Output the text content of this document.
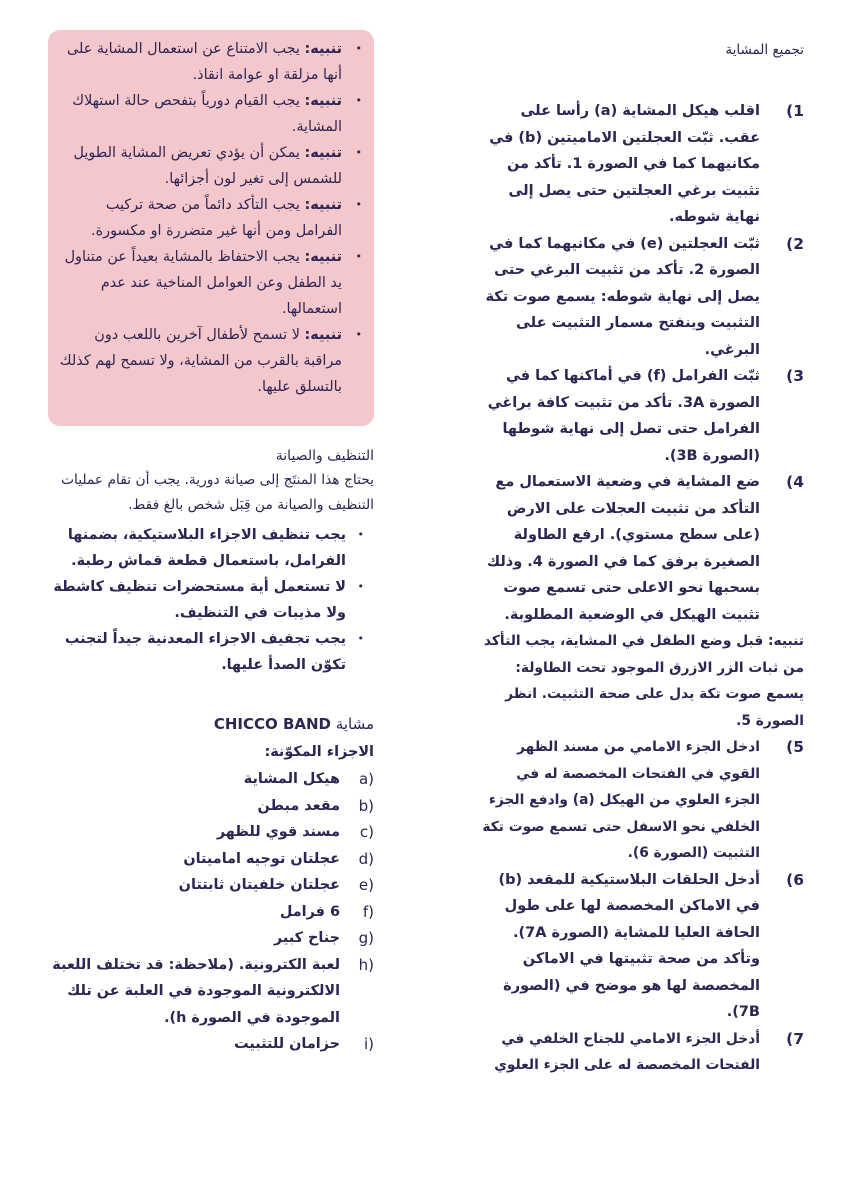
تجميع المشاية

1)
اقلب هيكل المشاية (a) رأسا على عقب. ثبّت العجلتين الاماميتين (b) في مكانيهما كما في الصورة 1. تأكد من تثبيت برغي العجلتين حتى يصل إلى نهاية شوطه.
2)
ثبّت العجلتين (e) في مكانيهما كما في الصورة 2. تأكد من تثبيت البرغي حتى يصل إلى نهاية شوطه: يسمع صوت تكة التثبيت وينفتح مسمار التثبيت على البرغي.
3)
ثبّت الفرامل (f) في أماكنها كما في الصورة 3A. تأكد من تثبيت كافة براغي الفرامل حتى تصل إلى نهاية شوطها (الصورة 3B).
4)
ضع المشاية في وضعية الاستعمال مع التأكد من تثبيت العجلات على الارض (على سطح مستوي). ارفع الطاولة الصغيرة برفق كما في الصورة 4. وذلك بسحبها نحو الاعلى حتى تسمع صوت تثبيت الهيكل في الوضعية المطلوبة.

تنبيه: قبل وضع الطفل في المشاية، يجب التأكد من ثبات الزر الازرق الموجود تحت الطاولة: يسمع صوت تكة يدل على صحة التثبيت. انظر الصورة 5.

5)
ادخل الجزء الامامي من مسند الظهر القوي في الفتحات المخصصة له في الجزء العلوي من الهيكل (a) وادفع الجزء الخلفي نحو الاسفل حتى تسمع صوت تكة التثبيت (الصورة 6).
6)
أدخل الحلقات البلاستيكية للمقعد (b) في الاماكن المخصصة لها على طول الحافة العليا للمشاية (الصورة 7A). وتأكد من صحة تثبيتها في الاماكن المخصصة لها هو موضح في (الصورة 7B).
7)
أدخل الجزء الامامي للجناح الخلفي في الفتحات المخصصة له على الجزء العلوي
• تنبيه: يجب الامتناع عن استعمال المشاية على أنها مزلقة او عوامة انقاذ.
• تنبيه: يجب القيام دورياً بتفحص حالة استهلاك المشاية.
• تنبيه: يمكن أن يؤدي تعريض المشاية الطويل للشمس إلى تغير لون أجزائها.
• تنبيه: يجب التأكد دائماً من صحة تركيب الفرامل ومن أنها غير متضررة او مكسورة.
• تنبيه: يجب الاحتفاظ بالمشاية بعيداً عن متناول يد الطفل وعن العوامل المناخية عند عدم استعمالها.
• تنبيه: لا تسمح لأطفال آخرين باللعب دون مراقبة بالقرب من المشاية، ولا تسمح لهم كذلك بالتسلق عليها.

التنظيف والصيانة

يحتاج هذا المنتَج إلى صيانة دورية. يجب أن تقام عمليات التنظيف والصيانة من قِبَل شخص بالغ فقط.

• يجب تنظيف الاجزاء البلاستيكية، بضمنها الفرامل، باستعمال قطعة قماش رطبة.
• لا تستعمل أية مستحضرات تنظيف كاشطة ولا مذيبات في التنظيف.
• يجب تجفيف الاجزاء المعدنية جيداً لتجنب تكوّن الصدأ عليها.

مشاية CHICCO BAND

الاجزاء المكوّنة:

a)
هيكل المشاية
b)
مقعد مبطن
c)
مسند قوي للظهر
d)
عجلتان توجيه اماميتان
e)
عجلتان خلفيتان ثابتتان
f)
6 فرامل
g)
جناح كبير
h)
لعبة الكترونية. (ملاحظة: قد تختلف اللعبة الالكترونية الموجودة في العلبة عن تلك الموجودة في الصورة h).
i)
حزامان للتثبيت
